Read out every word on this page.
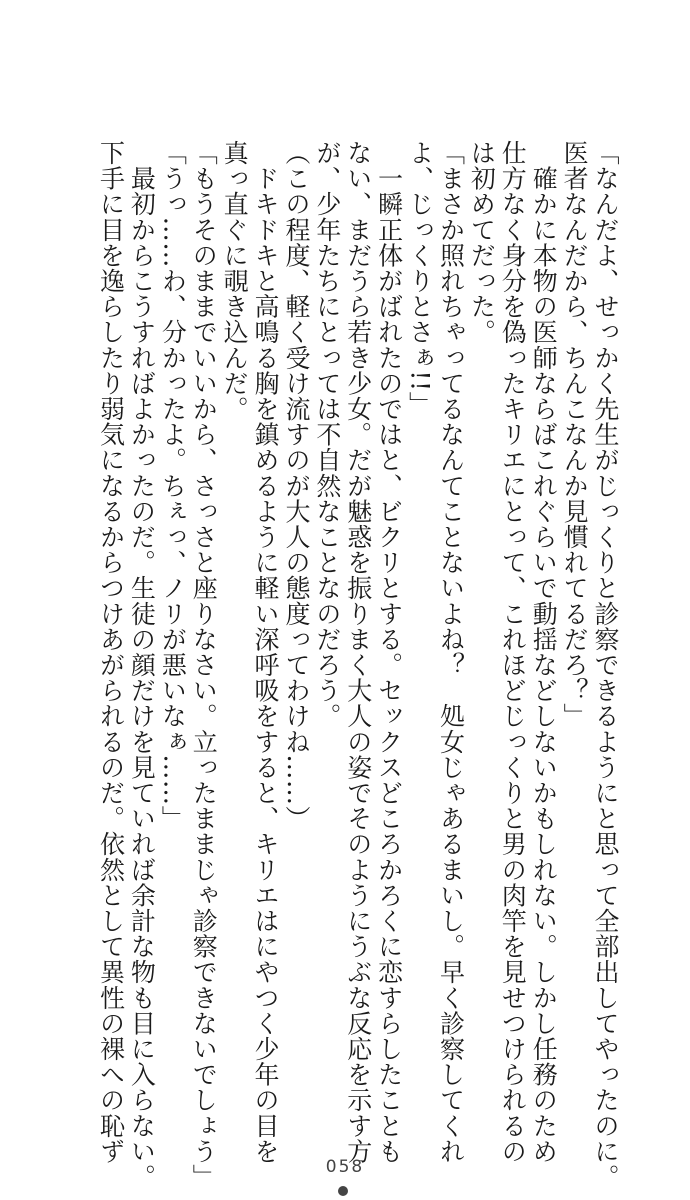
「なんだよ、せっかく先生がじっくりと診察できるようにと思って全部出してやったのに。
医者なんだから、ちんこなんか見慣れてるだろ？」
　確かに本物の医師ならばこれぐらいで動揺などしないかもしれない。しかし任務のため
仕方なく身分を偽ったキリエにとって、これほどじっくりと男の肉竿を見せつけられるの
は初めてだった。
「まさか照れちゃってるなんてことないよね？　処女じゃあるまいし。早く診察してくれ
よ、じっくりとさぁ!!」
　一瞬正体がばれたのではと、ビクリとする。セックスどころかろくに恋すらしたことも
ない、まだうら若き少女。だが魅惑を振りまく大人の姿でそのようにうぶな反応を示す方
が、少年たちにとっては不自然なことなのだろう。
（この程度、軽く受け流すのが大人の態度ってわけね……）
　ドキドキと高鳴る胸を鎮めるように軽い深呼吸をすると、キリエはにやつく少年の目を
真っ直ぐに覗き込んだ。
「もうそのままでいいから、さっさと座りなさい。立ったままじゃ診察できないでしょう」
「うっ……わ、分かったよ。ちぇっ、ノリが悪いなぁ……」
　最初からこうすればよかったのだ。生徒の顔だけを見ていれば余計な物も目に入らない。
下手に目を逸らしたり弱気になるからつけあがられるのだ。依然として異性の裸への恥ず
058
